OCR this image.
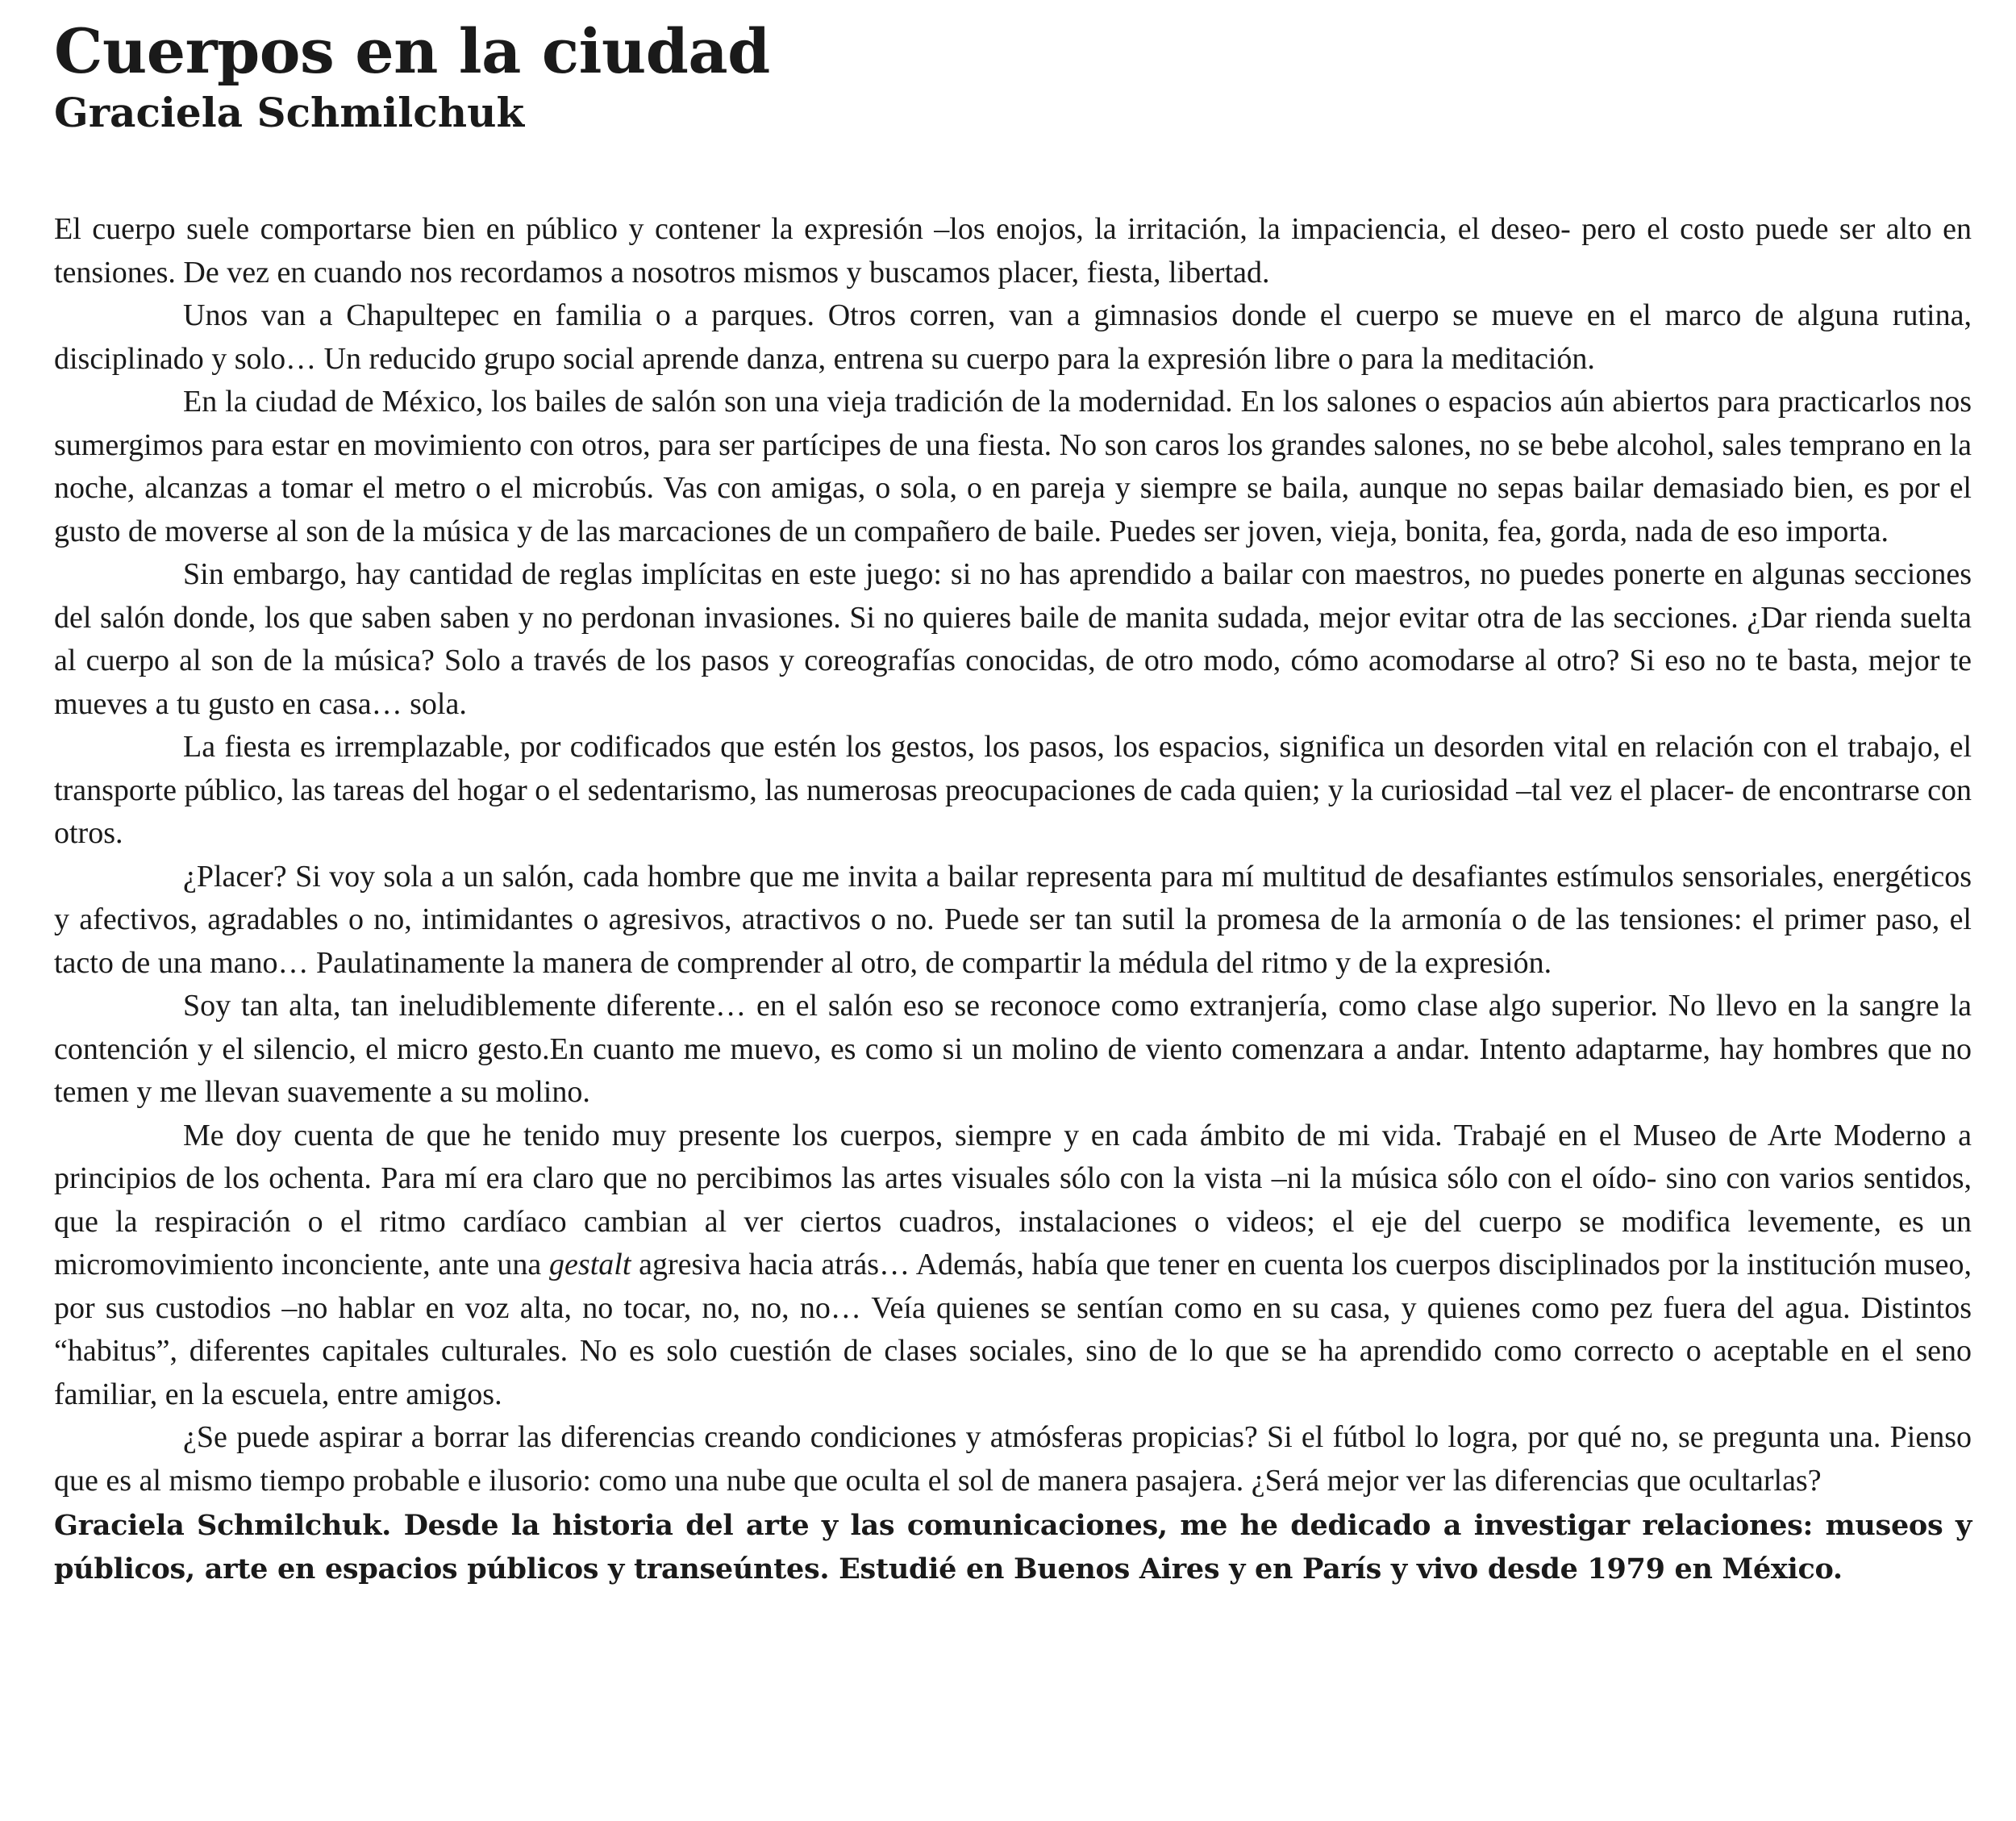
Cuerpos en la ciudad
Graciela Schmilchuk

El cuerpo suele comportarse bien en público y contener la expresión –los enojos, la irritación, la impaciencia, el deseo- pero el costo puede ser alto en tensiones. De vez en cuando nos recordamos a nosotros mismos y buscamos placer, fiesta, libertad.

Unos van a Chapultepec en familia o a parques. Otros corren, van a gimnasios donde el cuerpo se mueve en el marco de alguna rutina, disciplinado y solo… Un reducido grupo social aprende danza, entrena su cuerpo para la expresión libre o para la meditación.

En la ciudad de México, los bailes de salón son una vieja tradición de la modernidad. En los salones o espacios aún abiertos para practicarlos nos sumergimos para estar en movimiento con otros, para ser partícipes de una fiesta. No son caros los grandes salones, no se bebe alcohol, sales temprano en la noche, alcanzas a tomar el metro o el microbús. Vas con amigas, o sola, o en pareja y siempre se baila, aunque no sepas bailar demasiado bien, es por el gusto de moverse al son de la música y de las marcaciones de un compañero de baile. Puedes ser joven, vieja, bonita, fea, gorda, nada de eso importa.

Sin embargo, hay cantidad de reglas implícitas en este juego: si no has aprendido a bailar con maestros, no puedes ponerte en algunas secciones del salón donde, los que saben saben y no perdonan invasiones. Si no quieres baile de manita sudada, mejor evitar otra de las secciones. ¿Dar rienda suelta al cuerpo al son de la música? Solo a través de los pasos y coreografías conocidas, de otro modo, cómo acomodarse al otro? Si eso no te basta, mejor te mueves a tu gusto en casa… sola.

La fiesta es irremplazable, por codificados que estén los gestos, los pasos, los espacios, significa un desorden vital en relación con el trabajo, el transporte público, las tareas del hogar o el sedentarismo, las numerosas preocupaciones de cada quien; y la curiosidad –tal vez el placer- de encontrarse con otros.

¿Placer? Si voy sola a un salón, cada hombre que me invita a bailar representa para mí multitud de desafiantes estímulos sensoriales, energéticos y afectivos, agradables o no, intimidantes o agresivos, atractivos o no. Puede ser tan sutil la promesa de la armonía o de las tensiones: el primer paso, el tacto de una mano… Paulatinamente la manera de comprender al otro, de compartir la médula del ritmo y de la expresión.

Soy tan alta, tan ineludiblemente diferente… en el salón eso se reconoce como extranjería, como clase algo superior. No llevo en la sangre la contención y el silencio, el micro gesto.En cuanto me muevo, es como si un molino de viento comenzara a andar. Intento adaptarme, hay hombres que no temen y me llevan suavemente a su molino.

Me doy cuenta de que he tenido muy presente los cuerpos, siempre y en cada ámbito de mi vida. Trabajé en el Museo de Arte Moderno a principios de los ochenta. Para mí era claro que no percibimos las artes visuales sólo con la vista –ni la música sólo con el oído- sino con varios sentidos, que la respiración o el ritmo cardíaco cambian al ver ciertos cuadros, instalaciones o videos; el eje del cuerpo se modifica levemente, es un micromovimiento inconciente, ante una gestalt agresiva hacia atrás… Además, había que tener en cuenta los cuerpos disciplinados por la institución museo, por sus custodios –no hablar en voz alta, no tocar, no, no, no… Veía quienes se sentían como en su casa, y quienes como pez fuera del agua. Distintos “habitus”, diferentes capitales culturales. No es solo cuestión de clases sociales, sino de lo que se ha aprendido como correcto o aceptable en el seno familiar, en la escuela, entre amigos.

¿Se puede aspirar a borrar las diferencias creando condiciones y atmósferas propicias? Si el fútbol lo logra, por qué no, se pregunta una. Pienso que es al mismo tiempo probable e ilusorio: como una nube que oculta el sol de manera pasajera. ¿Será mejor ver las diferencias que ocultarlas?

Graciela Schmilchuk. Desde la historia del arte y las comunicaciones, me he dedicado a investigar relaciones: museos y públicos, arte en espacios públicos y transeúntes. Estudié en Buenos Aires y en París y vivo desde 1979 en México.
